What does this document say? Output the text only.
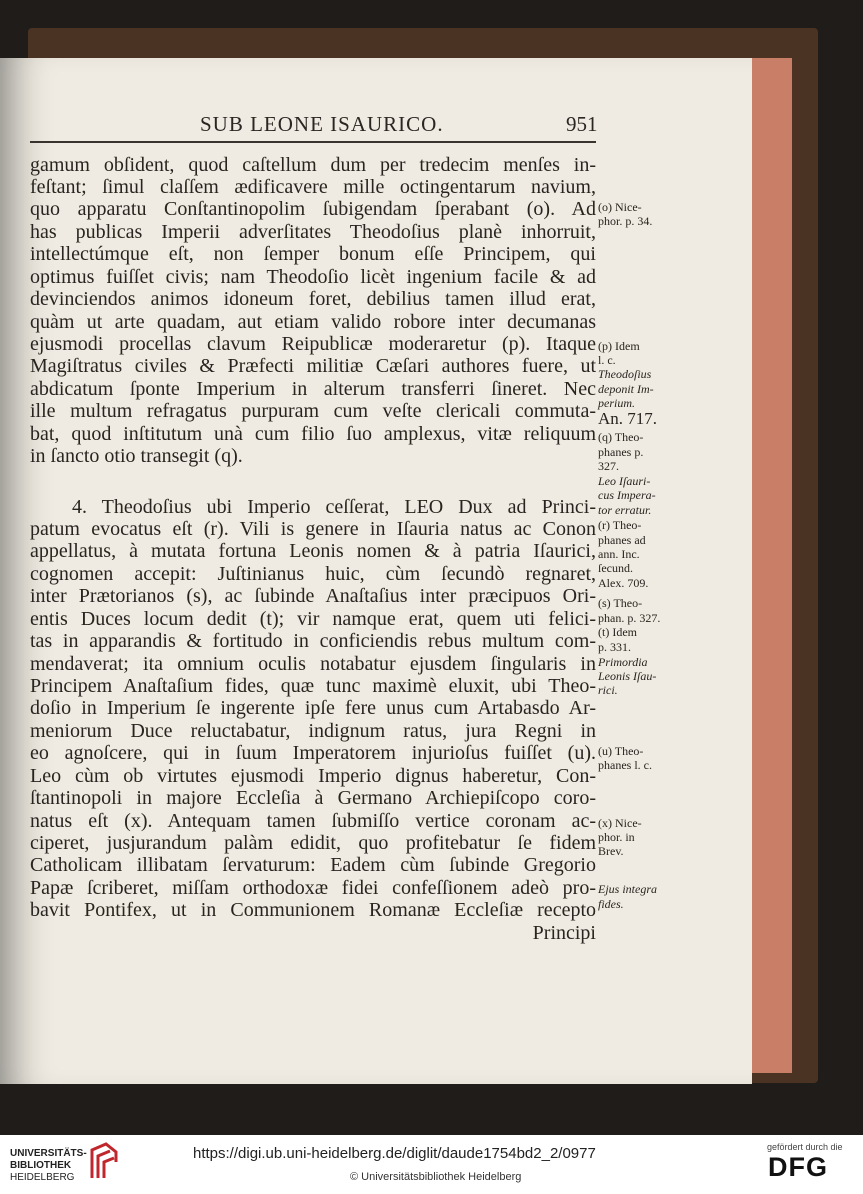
SUB LEONE ISAURICO.	951
gamum obſident, quod caſtellum dum per tredecim menſes in-
feſtant; ſimul claſſem ædificavere mille octingentarum navium,
quo apparatu Conſtantinopolim ſubigendam ſperabant (o). Ad
has publicas Imperii adverſitates Theodoſius planè inhorruit,
intellectúmque eſt, non ſemper bonum eſſe Principem, qui
optimus fuiſſet civis; nam Theodoſio licèt ingenium facile & ad
devinciendos animos idoneum foret, debilius tamen illud erat,
quàm ut arte quadam, aut etiam valido robore inter decumanas
ejusmodi procellas clavum Reipublicæ moderaretur (p). Itaque
Magiſtratus civiles & Præfecti militiæ Cæſari authores fuere, ut
abdicatum ſponte Imperium in alterum transferri ſineret. Nec
ille multum refragatus purpuram cum veſte clericali commuta-
bat, quod inſtitutum unà cum filio ſuo amplexus, vitæ reliquum
in ſancto otio transegit (q).
4. Theodoſius ubi Imperio ceſſerat, LEO Dux ad Princi-
patum evocatus eſt (r). Vili is genere in Iſauria natus ac Conon
appellatus, à mutata fortuna Leonis nomen & à patria Iſaurici,
cognomen accepit: Juſtinianus huic, cùm ſecundò regnaret,
inter Prætorianos (s), ac ſubinde Anaſtaſius inter præcipuos Ori-
entis Duces locum dedit (t); vir namque erat, quem uti felici-
tas in apparandis & fortitudo in conficiendis rebus multum com-
mendaverat; ita omnium oculis notabatur ejusdem ſingularis in
Principem Anaſtaſium fides, quæ tunc maximè eluxit, ubi Theo-
doſio in Imperium ſe ingerente ipſe fere unus cum Artabasdo Ar-
meniorum Duce reluctabatur, indignum ratus, jura Regni in
eo agnoſcere, qui in ſuum Imperatorem injurioſus fuiſſet (u).
Leo cùm ob virtutes ejusmodi Imperio dignus haberetur, Con-
ſtantinopoli in majore Eccleſia à Germano Archiepiſcopo coro-
natus eſt (x). Antequam tamen ſubmiſſo vertice coronam ac-
ciperet, jusjurandum palàm edidit, quo profitebatur ſe fidem
Catholicam illibatam ſervaturum: Eadem cùm ſubinde Gregorio
Papæ ſcriberet, miſſam orthodoxæ fidei confeſſionem adeò pro-
bavit Pontifex, ut in Communionem Romanæ Eccleſiæ recepto
Principi
(o) Nice-
phor. p. 34.
(p) Idem
l. c.
Theodoſius
deponit Im-
perium.
An. 717.
(q) Theo-
phanes p.
327.
Leo Iſauri-
cus Impera-
tor erratur.
(r) Theo-
phanes ad
ann. Inc.
ſecund.
Alex. 709.
(s) Theo-
phan. p. 327.
(t) Idem
p. 331.
Primordia
Leonis Iſau-
rici.
(u) Theo-
phanes l. c.
(x) Nice-
phor. in
Brev.
Ejus integra
fides.
UNIVERSITÄTS-
BIBLIOTHEK
HEIDELBERG
https://digi.ub.uni-heidelberg.de/diglit/daude1754bd2_2/0977
© Universitätsbibliothek Heidelberg
gefördert durch die
DFG
